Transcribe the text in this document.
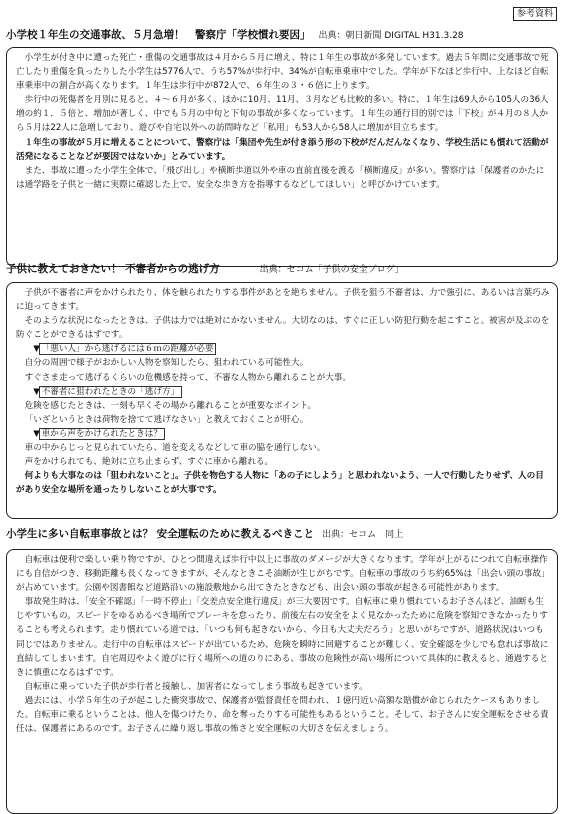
参考資料
小学校１年生の交通事故、５月急増！　警察庁「学校慣れ要因」 出典：朝日新聞 DIGITAL H31.3.28

小学生が付き中に遭った死亡・重傷の交通事故は４月から５月に増え、特に１年生の事故が多発しています。過去５年間に交通事故で死亡したり重傷を負ったりした小学生は5776人で、うち57%が歩行中、34%が自転車乗車中でした。学年が下なほど歩行中、上なほど自転車乗車中の割合が高くなります。１年生は歩行中が872人で、６年生の３・６倍に上ります。

歩行中の死傷者を月別に見ると、４～６月が多く、ほかに10月、11月、３月なども比較的多い。特に、１年生は69人から105人の36人増の約１．５倍と、増加が著しく、中でも５月の中旬と下旬の事故が多くなっています。１年生の通行目的別では「下校」が４月の８人から５月は22人に急増しており、遊びや自宅以外への訪問時など「私用」も53人から58人に増加が目立ちます。

１年生の事故が５月に増えることについて、警察庁は「集団や先生が付き添う形の下校がだんだんなくなり、学校生活にも慣れて活動が活発になることなどが要因ではないか」とみています。

また、事故に遭った小学生全体で、「飛び出し」や横断歩道以外や車の直前直後を渡る「横断違反」が多い。警察庁は「保護者のかたには通学路を子供と一緒に実際に確認した上で、安全な歩き方を指導するなどしてほしい」と呼びかけています。

子供に教えておきたい！ 不審者からの逃げ方	出典：セコム「子供の安全ブログ」

子供が不審者に声をかけられたり、体を触られたりする事件があとを絶ちません。子供を狙う不審者は、力で強引に、あるいは言葉巧みに迫ってきます。

そのような状況になったときは、子供は力では絶対にかないません。大切なのは、すぐに正しい防犯行動を起こすこと。被害が及ぶのを防ぐことができるはずです。

▼ 「悪い人」から逃げるには６ｍの距離が必要

自分の周囲で様子がおかしい人物を察知したら、狙われている可能性大。

すぐさま走って逃げるくらいの危機感を持って、不審な人物から離れることが大事。

▼ 不審者に狙われたときの「逃げ方」

危険を感じたときは、一刻も早くその場から離れることが重要なポイント。

「いざというときは荷物を捨てて逃げなさい」と教えておくことが肝心。

▼ 車から声をかけられたときは？

車の中からじっと見られていたら、道を変えるなどして車の脇を通行しない。

声をかけられても、絶対に立ち止まらず、すぐに車から離れる。

何よりも大事なのは「狙われないこと」。子供を物色する人物に「あの子にしよう」と思われないよう、一人で行動したりせず、人の目があり安全な場所を通ったりしないことが大事です。

小学生に多い自転車事故とは？ 安全運転のために教えるべきこと 出典：セコム　同上

自転車は便利で楽しい乗り物ですが、ひとつ間違えば歩行中以上に事故のダメージが大きくなります。学年が上がるにつれて自転車操作にも自信がつき、移動距離も長くなってきますが、そんなときこそ油断が生じがちです。自転車の事故のうち約65%は「出会い頭の事故」が占めています。公園や図書館など道路沿いの施設敷地から出てきたときなども、出会い頭の事故が起きる可能性があります。

事故発生時は、「安全不確認」「一時不停止」「交差点安全進行違反」が三大要因です。自転車に乗り慣れているお子さんほど、油断も生じやすいもの。スピードをゆるめるべき場所でブレーキを怠ったり、前後左右の安全をよく見なかったために危険を察知できなかったりすることも考えられます。走り慣れている道では、「いつも何も起きないから、今日も大丈夫だろう」と思いがちですが、道路状況はいつも同じではありません。走行中の自転車はスピードが出ているため、危険を瞬時に回避することが難しく、安全確認を少しでも怠れば事故に直結してしまいます。自宅周辺やよく遊びに行く場所への道のりにある、事故の危険性が高い場所について具体的に教えると、通過するときに慎重になるはずです。

自転車に乗っていた子供が歩行者と接触し、加害者になってしまう事故も起きています。

過去には、小学５年生の子が起こした衝突事故で、保護者が監督責任を問われ、１億円近い高額な賠償が命じられたケースもありました。自転車に乗るということは、他人を傷つけたり、命を奪ったりする可能性もあるということ。そして、お子さんに安全運転をさせる責任は、保護者にあるのです。お子さんに繰り返し事故の怖さと安全運転の大切さを伝えましょう。
